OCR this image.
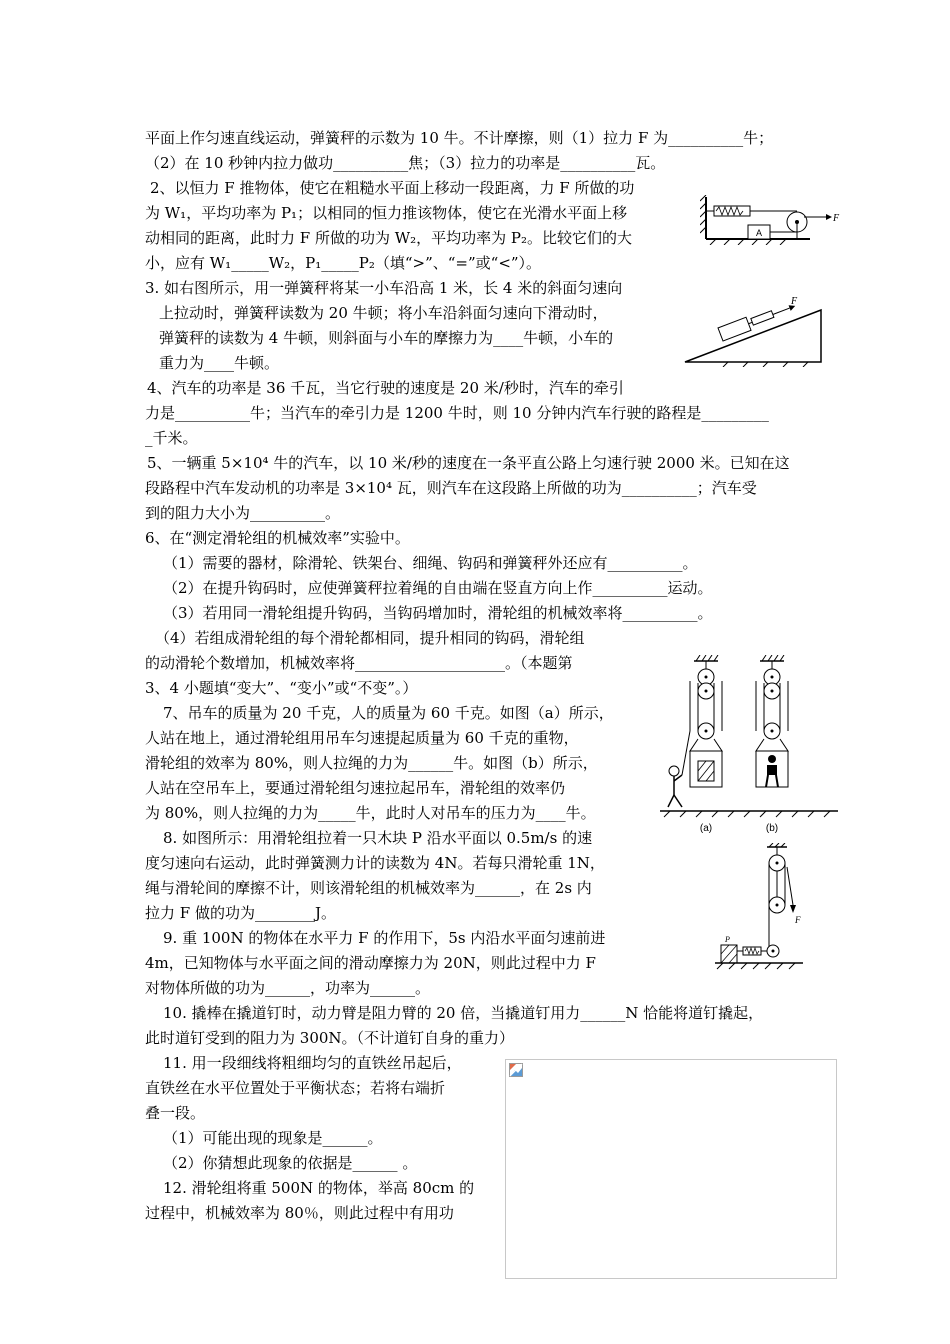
平面上作匀速直线运动，弹簧秤的示数为 10 牛。不计摩擦，则（1）拉力 F 为__________牛；
（2）在 10 秒钟内拉力做功__________焦；（3）拉力的功率是__________瓦。
2、以恒力 F 推物体，使它在粗糙水平面上移动一段距离，力 F 所做的功
为 W₁，平均功率为 P₁；以相同的恒力推该物体，使它在光滑水平面上移
动相同的距离，此时力 F 所做的功为 W₂，平均功率为 P₂。比较它们的大
小，应有 W₁_____W₂，P₁_____P₂（填“>”、“=”或“<”）。
3. 如右图所示，用一弹簧秤将某一小车沿高 1 米，长 4 米的斜面匀速向
上拉动时，弹簧秤读数为 20 牛顿；将小车沿斜面匀速向下滑动时，
弹簧秤的读数为 4 牛顿，则斜面与小车的摩擦力为____牛顿，小车的
重力为____牛顿。
4、汽车的功率是 36 千瓦，当它行驶的速度是 20 米/秒时，汽车的牵引
力是__________牛；当汽车的牵引力是 1200 牛时，则 10 分钟内汽车行驶的路程是_________
_千米。
5、一辆重 5×10⁴ 牛的汽车，以 10 米/秒的速度在一条平直公路上匀速行驶 2000 米。已知在这
段路程中汽车发动机的功率是 3×10⁴ 瓦，则汽车在这段路上所做的功为__________；汽车受
到的阻力大小为__________。
6、在“测定滑轮组的机械效率”实验中。
（1）需要的器材，除滑轮、铁架台、细绳、钩码和弹簧秤外还应有__________。
（2）在提升钩码时，应使弹簧秤拉着绳的自由端在竖直方向上作__________运动。
（3）若用同一滑轮组提升钩码，当钩码增加时，滑轮组的机械效率将__________。
（4）若组成滑轮组的每个滑轮都相同，提升相同的钩码，滑轮组
的动滑轮个数增加，机械效率将____________________。（本题第
3、4 小题填“变大”、“变小”或“不变”。）
7、吊车的质量为 20 千克，人的质量为 60 千克。如图（a）所示，
人站在地上，通过滑轮组用吊车匀速提起质量为 60 千克的重物，
滑轮组的效率为 80%，则人拉绳的力为______牛。如图（b）所示，
人站在空吊车上，要通过滑轮组匀速拉起吊车，滑轮组的效率仍
为 80%，则人拉绳的力为_____牛，此时人对吊车的压力为____牛。
8. 如图所示：用滑轮组拉着一只木块 P 沿水平面以 0.5m/s 的速
度匀速向右运动，此时弹簧测力计的读数为 4N。若每只滑轮重 1N，
绳与滑轮间的摩擦不计，则该滑轮组的机械效率为______，在 2s 内
拉力 F 做的功为________J。
9. 重 100N 的物体在水平力 F 的作用下，5s 内沿水平面匀速前进
4m，已知物体与水平面之间的滑动摩擦力为 20N，则此过程中力 F
对物体所做的功为______，功率为______。
10. 撬棒在撬道钉时，动力臂是阻力臂的 20 倍，当撬道钉用力______N 恰能将道钉撬起，
此时道钉受到的阻力为 300N。（不计道钉自身的重力）
11. 用一段细线将粗细均匀的直铁丝吊起后，
直铁丝在水平位置处于平衡状态；若将右端折
叠一段。
（1）可能出现的现象是______。
（2）你猜想此现象的依据是______ 。
12. 滑轮组将重 500N 的物体，举高 80cm 的
过程中，机械效率为 80％，则此过程中有用功
A
F
F
(a)	(b)
F
P
